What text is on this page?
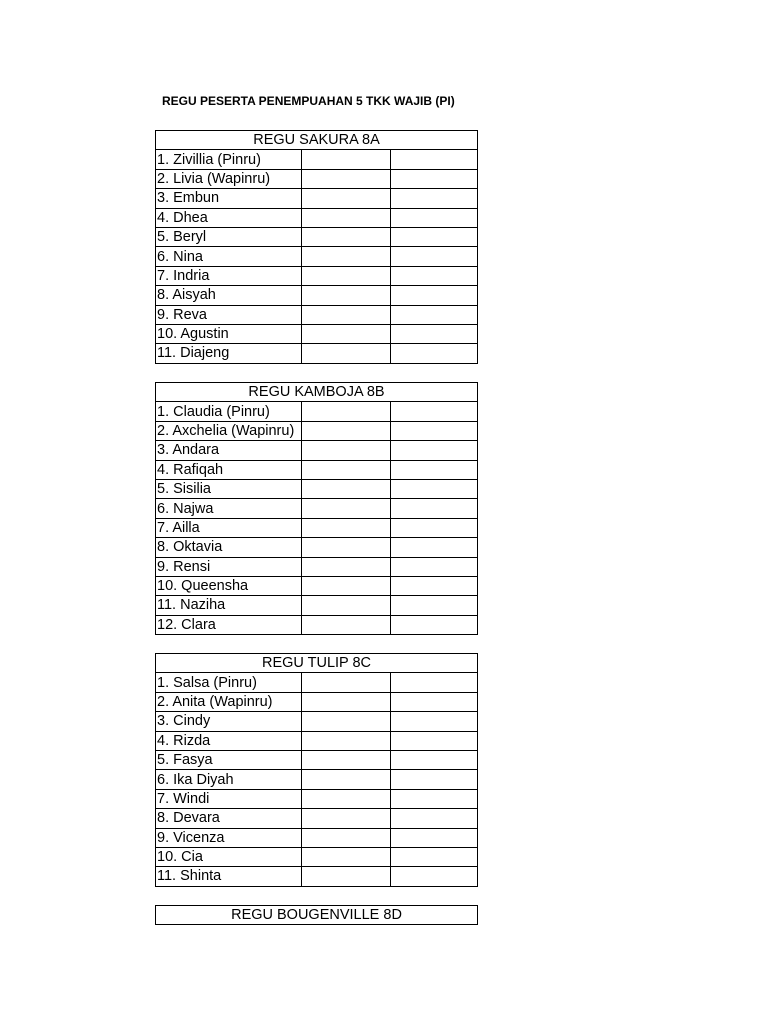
REGU PESERTA PENEMPUAHAN 5 TKK WAJIB (PI)
REGU SAKURA 8A		
1. Zivillia (Pinru)		
2. Livia (Wapinru)		
3. Embun		
4. Dhea		
5. Beryl		
6. Nina		
7. Indria		
8. Aisyah		
9. Reva		
10. Agustin		
11. Diajeng		
REGU KAMBOJA 8B		
1. Claudia (Pinru)		
2. Axchelia (Wapinru)		
3. Andara		
4. Rafiqah		
5. Sisilia		
6. Najwa		
7. Ailla		
8. Oktavia		
9. Rensi		
10. Queensha		
11. Naziha		
12. Clara		
REGU TULIP 8C		
1. Salsa (Pinru)		
2. Anita (Wapinru)		
3. Cindy		
4. Rizda		
5. Fasya		
6. Ika Diyah		
7. Windi		
8. Devara		
9. Vicenza		
10. Cia		
11. Shinta		
REGU BOUGENVILLE 8D
